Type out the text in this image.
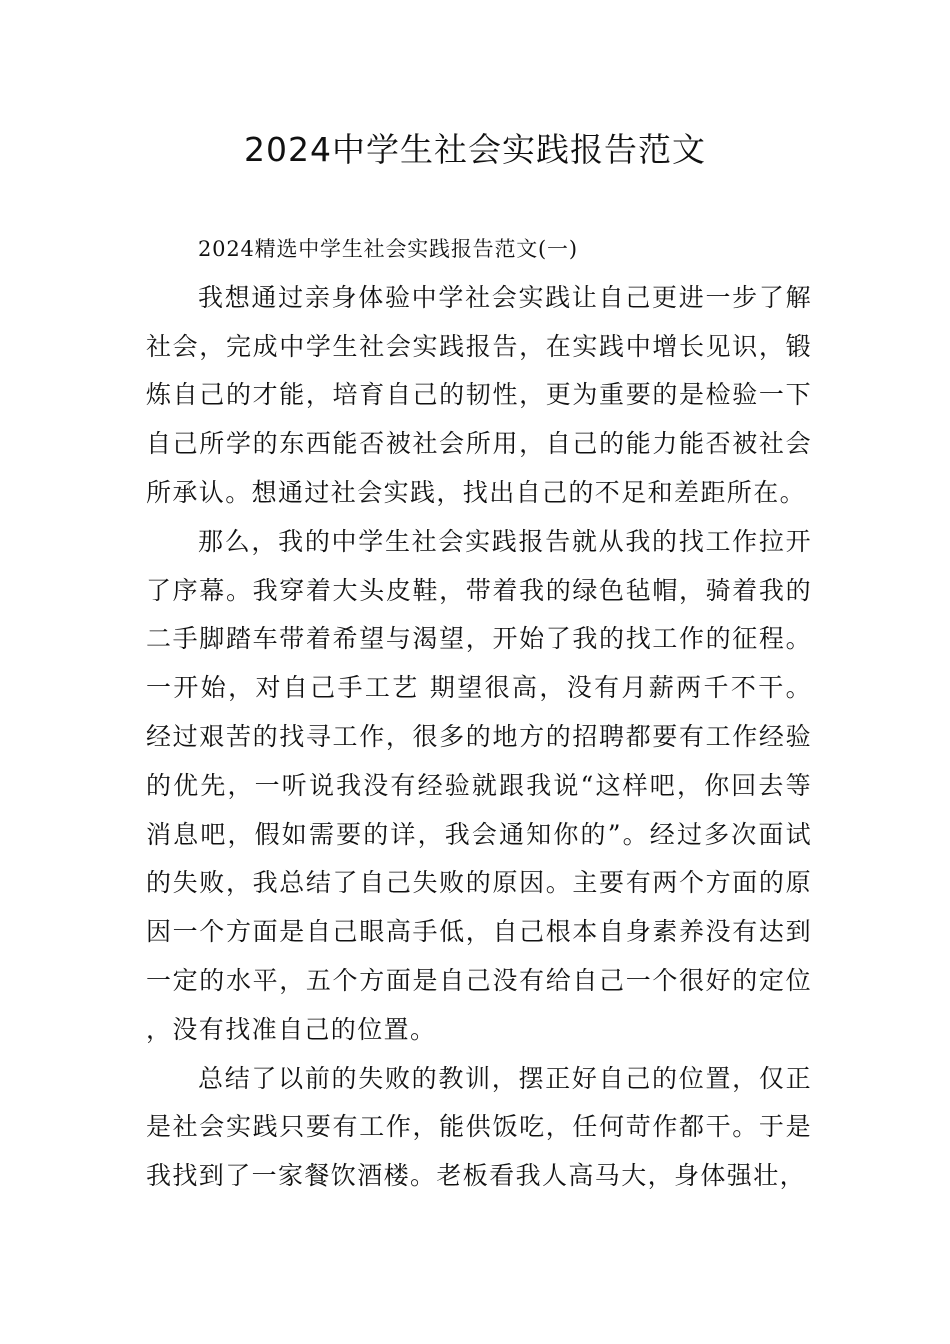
2024中学生社会实践报告范文

2024精选中学生社会实践报告范文(一)

我想通过亲身体验中学社会实践让自己更进一步了解社会，完成中学生社会实践报告，在实践中增长见识，锻炼自己的才能，培育自己的韧性，更为重要的是检验一下自己所学的东西能否被社会所用，自己的能力能否被社会所承认。想通过社会实践，找出自己的不足和差距所在。

那么，我的中学生社会实践报告就从我的找工作拉开了序幕。我穿着大头皮鞋，带着我的绿色毡帽，骑着我的二手脚踏车带着希望与渴望，开始了我的找工作的征程。一开始，对自己手工艺 期望很高，没有月薪两千不干。经过艰苦的找寻工作，很多的地方的招聘都要有工作经验的优先，一听说我没有经验就跟我说“这样吧，你回去等消息吧，假如需要的详，我会通知你的”。经过多次面试的失败，我总结了自己失败的原因。主要有两个方面的原因一个方面是自己眼高手低，自己根本自身素养没有达到一定的水平，五个方面是自己没有给自己一个很好的定位，没有找准自己的位置。

总结了以前的失败的教训，摆正好自己的位置，仅正是社会实践只要有工作，能供饭吃，任何苛作都干。于是我找到了一家餐饮酒楼。老板看我人高马大，身体强壮，
